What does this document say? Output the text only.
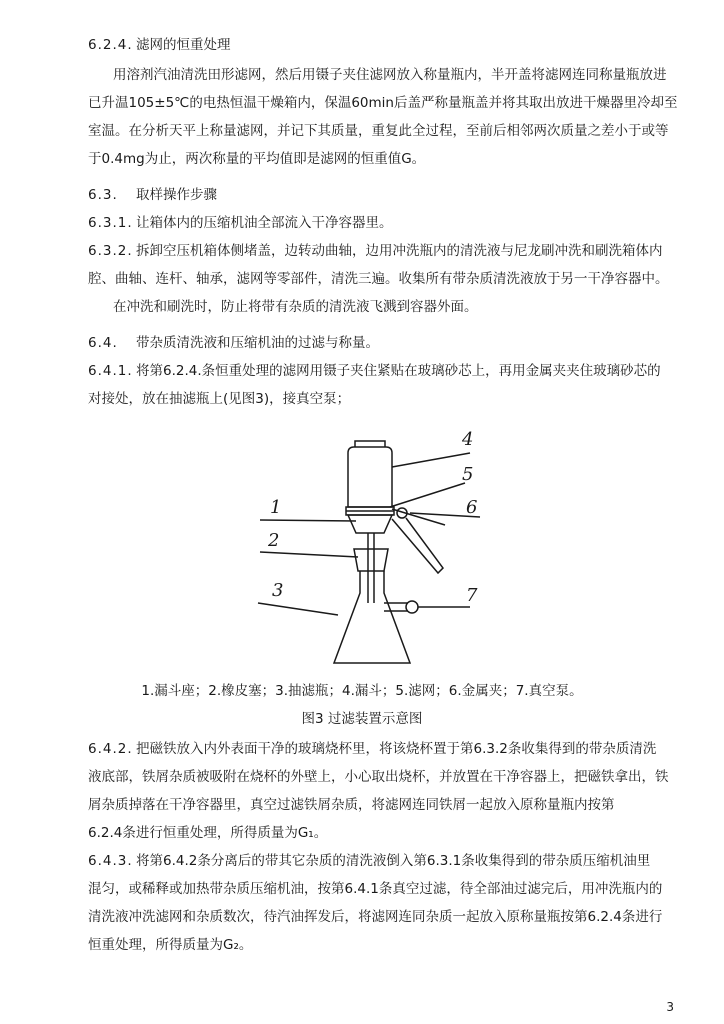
6.2.4. 滤网的恒重处理
用溶剂汽油清洗田形滤网，然后用镊子夹住滤网放入称量瓶内，半开盖将滤网连同称量瓶放进
已升温105±5℃的电热恒温干燥箱内，保温60min后盖严称量瓶盖并将其取出放进干燥器里冷却至
室温。在分析天平上称量滤网，并记下其质量，重复此全过程，至前后相邻两次质量之差小于或等
于0.4mg为止，两次称量的平均值即是滤网的恒重值G。
6.3. 取样操作步骤
6.3.1. 让箱体内的压缩机油全部流入干净容器里。
6.3.2. 拆卸空压机箱体侧堵盖，边转动曲轴，边用冲洗瓶内的清洗液与尼龙刷冲洗和刷洗箱体内
腔、曲轴、连杆、轴承，滤网等零部件，清洗三遍。收集所有带杂质清洗液放于另一干净容器中。
在冲洗和刷洗时，防止将带有杂质的清洗液飞溅到容器外面。
6.4. 带杂质清洗液和压缩机油的过滤与称量。
6.4.1. 将第6.2.4.条恒重处理的滤网用镊子夹住紧贴在玻璃砂芯上，再用金属夹夹住玻璃砂芯的
对接处，放在抽滤瓶上(见图3)，接真空泵；
1
2
3
4
5
6
7
1.漏斗座；2.橡皮塞；3.抽滤瓶；4.漏斗；5.滤网；6.金属夹；7.真空泵。
图3 过滤装置示意图
6.4.2. 把磁铁放入内外表面干净的玻璃烧杯里，将该烧杯置于第6.3.2条收集得到的带杂质清洗
液底部，铁屑杂质被吸附在烧杯的外壁上，小心取出烧杯，并放置在干净容器上，把磁铁拿出，铁
屑杂质掉落在干净容器里，真空过滤铁屑杂质，将滤网连同铁屑一起放入原称量瓶内按第
6.2.4条进行恒重处理，所得质量为G₁。
6.4.3. 将第6.4.2条分离后的带其它杂质的清洗液倒入第6.3.1条收集得到的带杂质压缩机油里
混匀，或稀释或加热带杂质压缩机油，按第6.4.1条真空过滤，待全部油过滤完后，用冲洗瓶内的
清洗液冲洗滤网和杂质数次，待汽油挥发后，将滤网连同杂质一起放入原称量瓶按第6.2.4条进行
恒重处理，所得质量为G₂。
3
